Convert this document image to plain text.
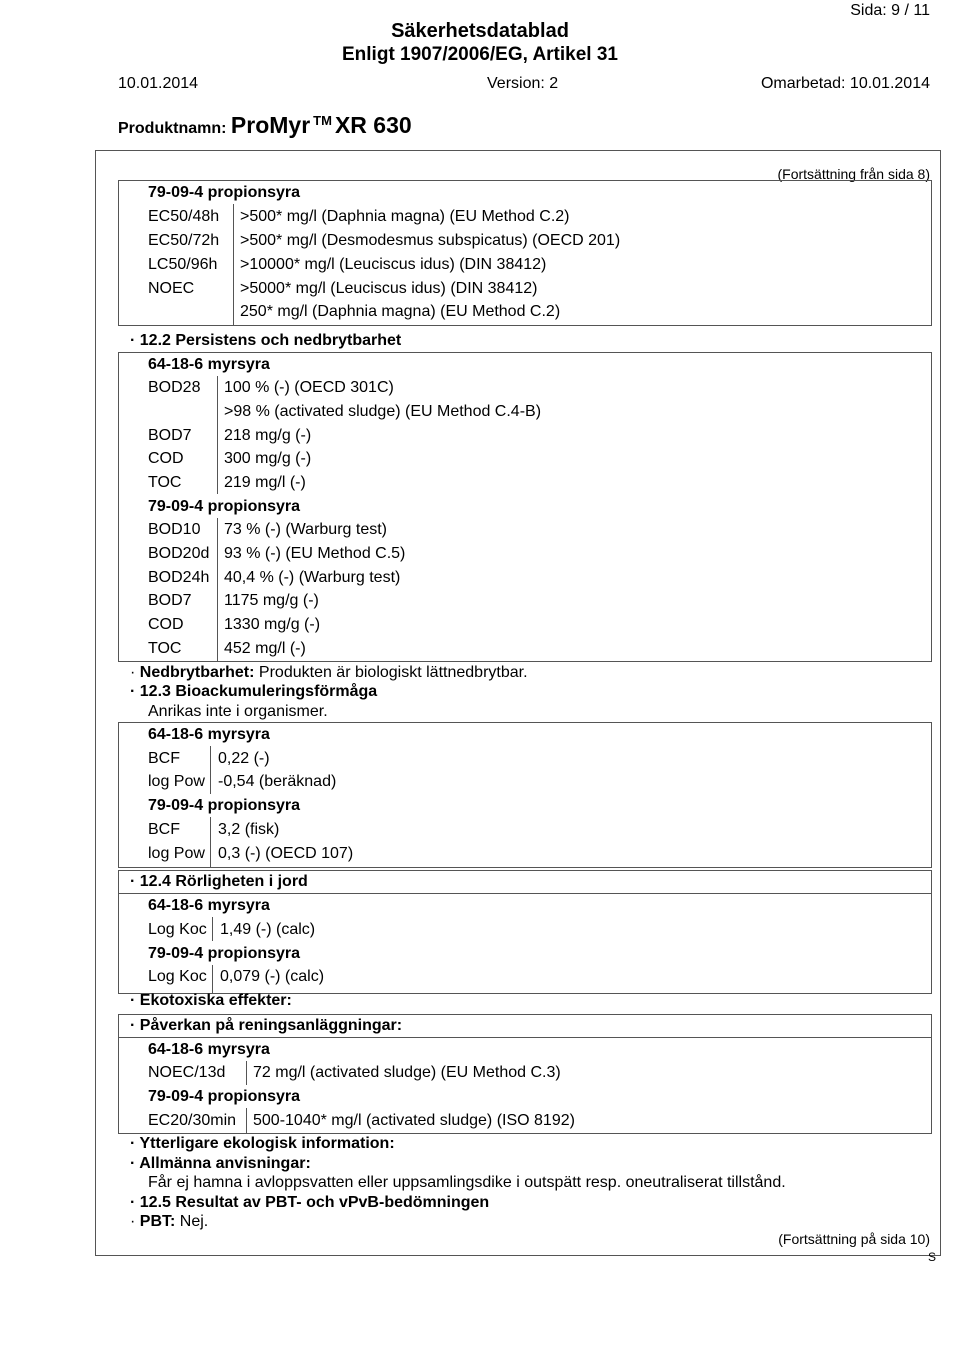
Sida: 9 / 11
Säkerhetsdatablad
Enligt 1907/2006/EG, Artikel 31
10.01.2014	Version: 2	Omarbetad: 10.01.2014
Produktnamn: ProMyr ™ XR 630
(Fortsättning från sida 8)
79-09-4 propionsyra
EC50/48h >500* mg/l (Daphnia magna) (EU Method C.2)
EC50/72h >500* mg/l (Desmodesmus subspicatus) (OECD 201)
LC50/96h >10000* mg/l (Leuciscus idus) (DIN 38412)
NOEC	>5000* mg/l (Leuciscus idus) (DIN 38412)
250* mg/l (Daphnia magna) (EU Method C.2)
· 12.2 Persistens och nedbrytbarhet
64-18-6 myrsyra
BOD28 100 % (-) (OECD 301C)
>98 % (activated sludge) (EU Method C.4-B)
BOD7 218 mg/g (-)
COD	300 mg/g (-)
TOC	219 mg/l (-)
79-09-4 propionsyra
BOD10 73 % (-) (Warburg test)
BOD20d 93 % (-) (EU Method C.5)
BOD24h 40,4 % (-) (Warburg test)
BOD7 1175 mg/g (-)
COD	1330 mg/g (-)
TOC	452 mg/l (-)
· Nedbrytbarhet: Produkten är biologiskt lättnedbrytbar.
· 12.3 Bioackumuleringsförmåga
Anrikas inte i organismer.
64-18-6 myrsyra
BCF 0,22 (-)
log Pow -0,54 (beräknad)
79-09-4 propionsyra
BCF 3,2 (fisk)
log Pow 0,3 (-) (OECD 107)
· 12.4 Rörligheten i jord
64-18-6 myrsyra
Log Koc 1,49 (-) (calc)
79-09-4 propionsyra
Log Koc 0,079 (-) (calc)
· Ekotoxiska effekter:
· Påverkan på reningsanläggningar:
64-18-6 myrsyra
NOEC/13d 72 mg/l (activated sludge) (EU Method C.3)
79-09-4 propionsyra
EC20/30min 500-1040* mg/l (activated sludge) (ISO 8192)
· Ytterligare ekologisk information:
· Allmänna anvisningar:
Får ej hamna i avloppsvatten eller uppsamlingsdike i outspätt resp. oneutraliserat tillstånd.
· 12.5 Resultat av PBT- och vPvB-bedömningen
· PBT: Nej.
(Fortsättning på sida 10)
S
